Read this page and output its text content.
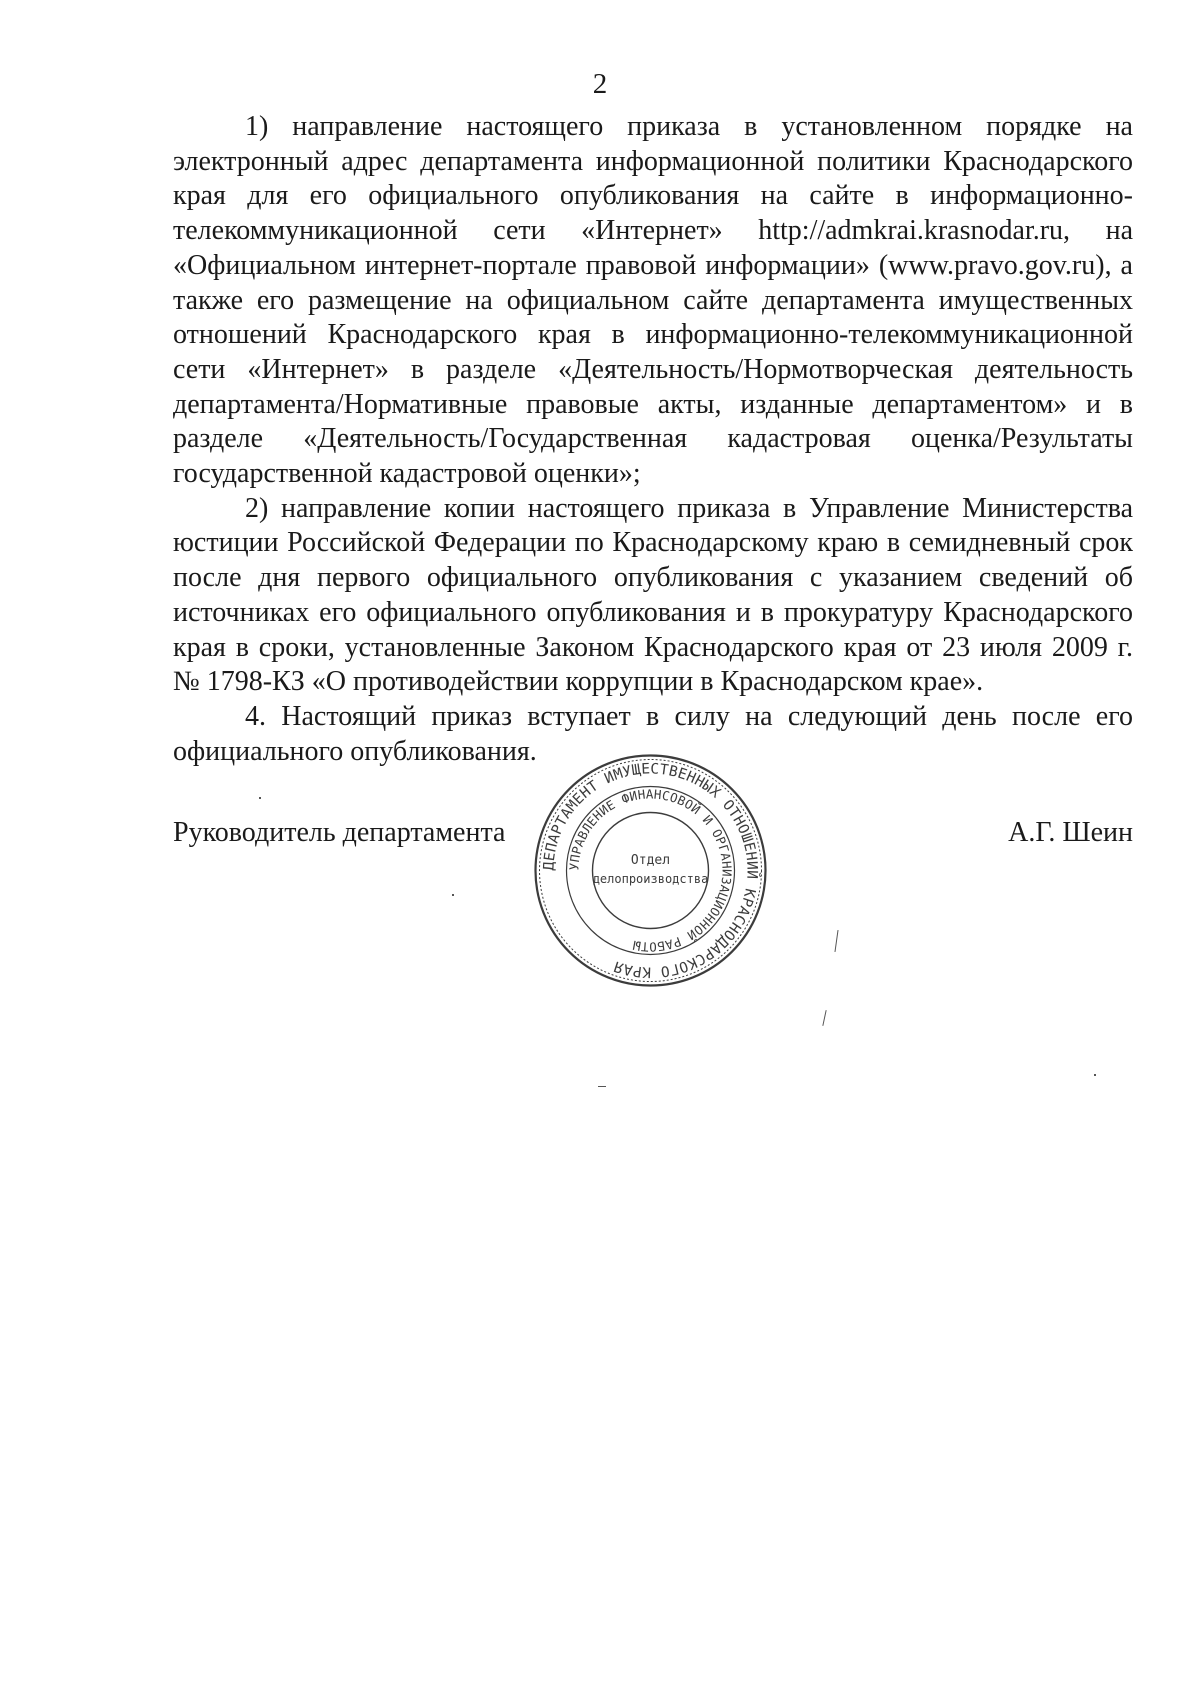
2

1) направление настоящего приказа в установленном порядке на электронный адрес департамента информационной политики Краснодарского края для его официального опубликования на сайте в информационно-телекоммуникационной сети «Интернет» http://admkrai.krasnodar.ru, на «Официальном интернет-портале правовой информации» (www.pravo.gov.ru), а также его размещение на официальном сайте департамента имущественных отношений Краснодарского края в информационно-телекоммуникационной сети «Интернет» в разделе «Деятельность/Нормотворческая деятельность департамента/Нормативные правовые акты, изданные департаментом» и в разделе «Деятельность/Государственная кадастровая оценка/Результаты государственной кадастровой оценки»;

2) направление копии настоящего приказа в Управление Министерства юстиции Российской Федерации по Краснодарскому краю в семидневный срок после дня первого официального опубликования с указанием сведений об источниках его официального опубликования и в прокуратуру Краснодарского края в сроки, установленные Законом Краснодарского края от 23 июля 2009 г. № 1798-КЗ «О противодействии коррупции в Краснодарском крае».

4. Настоящий приказ вступает в силу на следующий день после его официального опубликования.

Руководитель департамента	А.Г. Шеин
ДЕПАРТАМЕНТ ИМУЩЕСТВЕННЫХ ОТНОШЕНИЙ КРАСНОДАРСКОГО КРАЯ
УПРАВЛЕНИЕ ФИНАНСОВОЙ И ОРГАНИЗАЦИОННОЙ РАБОТЫ
Отдел
делопроизводства
